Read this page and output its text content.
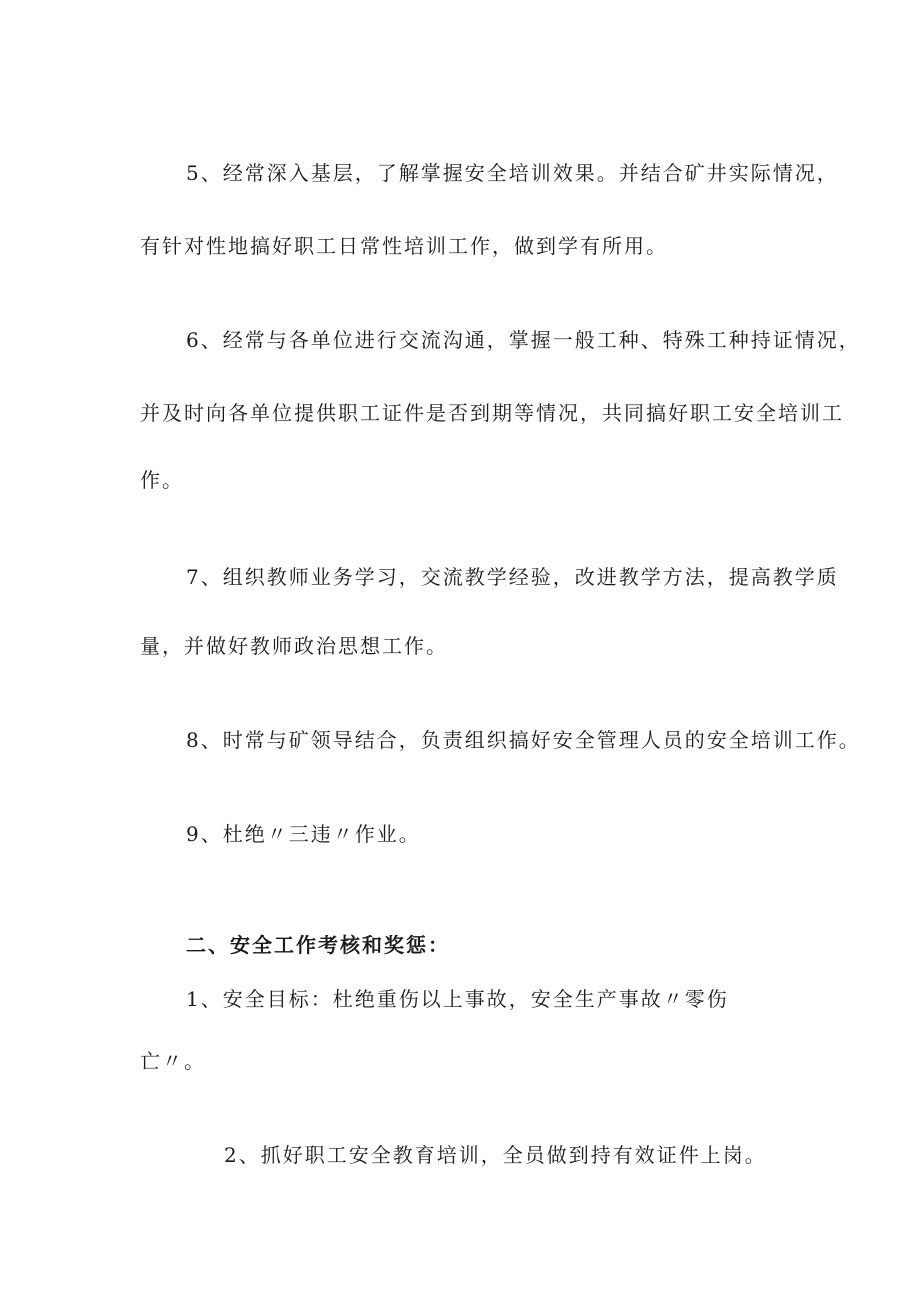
5、经常深入基层，了解掌握安全培训效果。并结合矿井实际情况，
有针对性地搞好职工日常性培训工作，做到学有所用。
6、经常与各单位进行交流沟通，掌握一般工种、特殊工种持证情况，
并及时向各单位提供职工证件是否到期等情况，共同搞好职工安全培训工
作。
7、组织教师业务学习，交流教学经验，改进教学方法，提高教学质
量，并做好教师政治思想工作。
8、时常与矿领导结合，负责组织搞好安全管理人员的安全培训工作。
9、杜绝〃三违〃作业。
二、安全工作考核和奖惩：
1、安全目标：杜绝重伤以上事故，安全生产事故〃零伤
亡〃。
2、抓好职工安全教育培训，全员做到持有效证件上岗。
